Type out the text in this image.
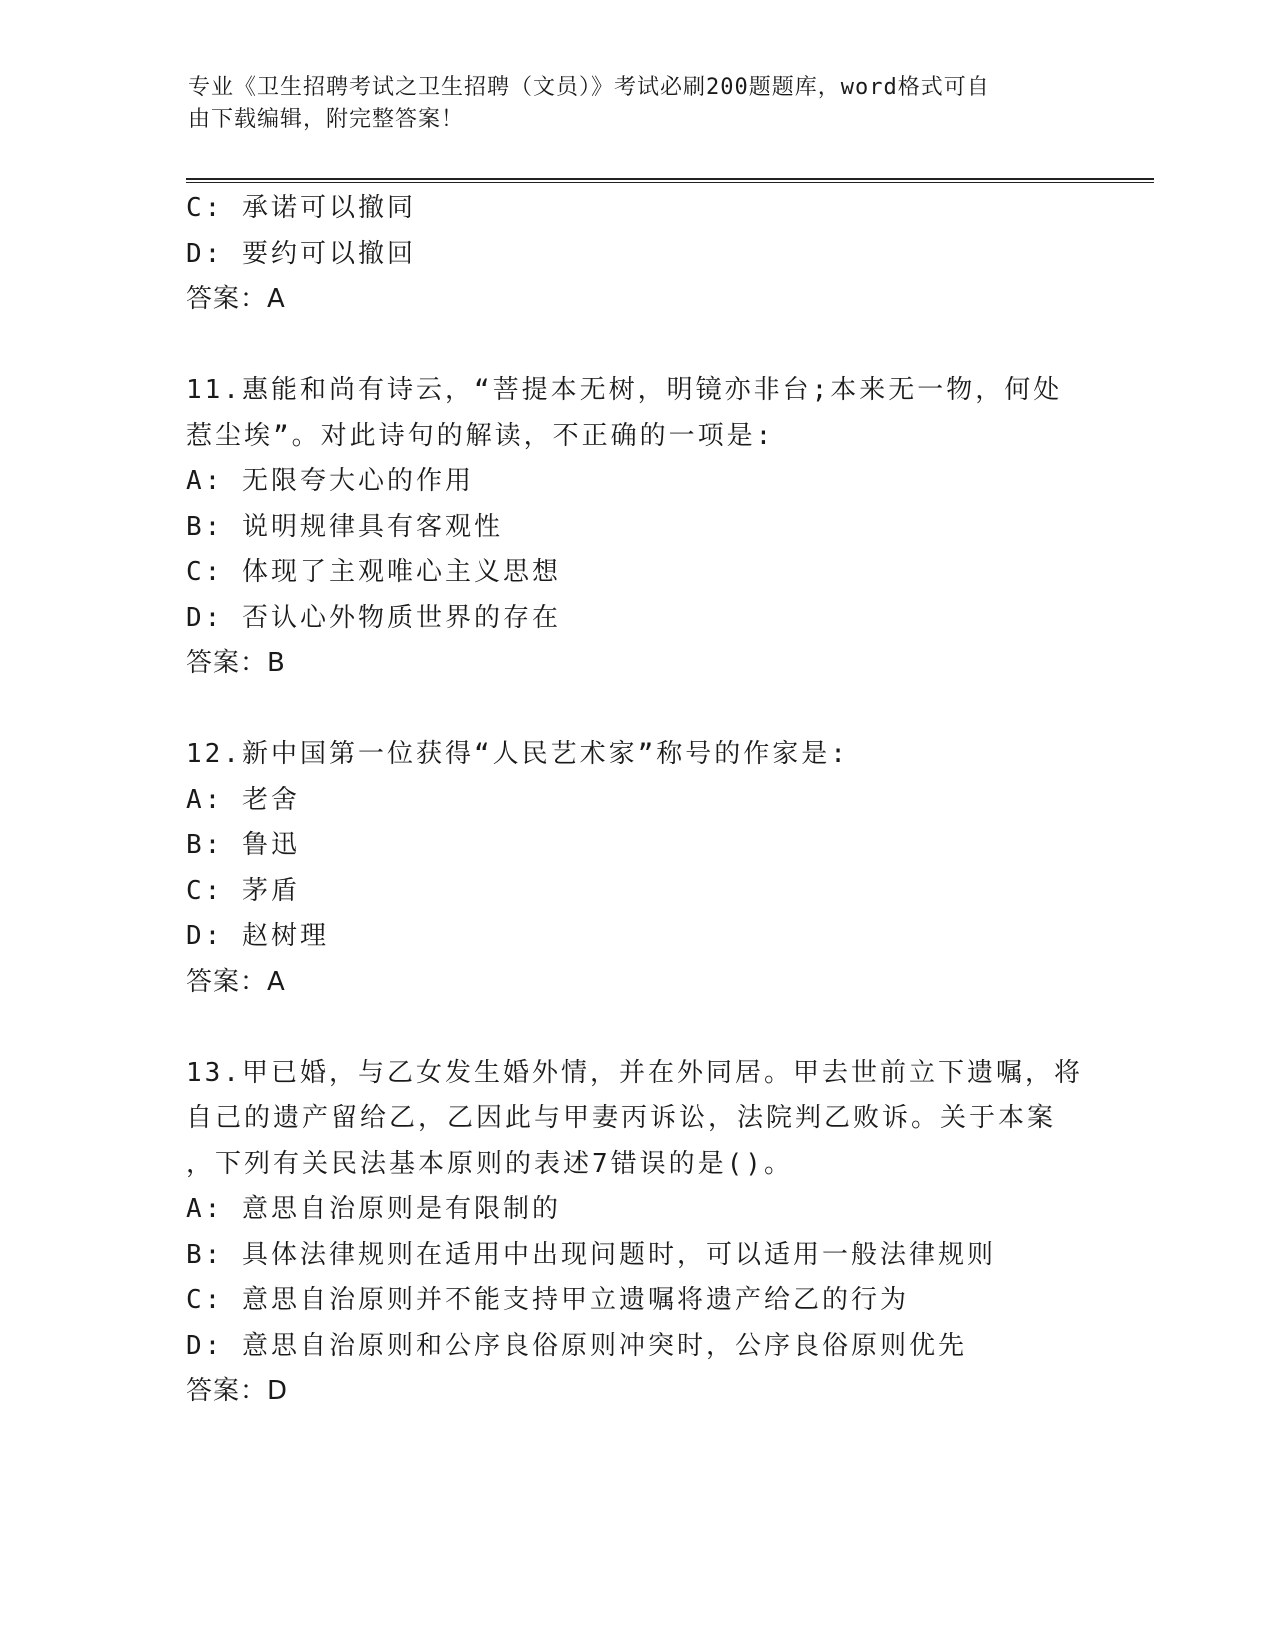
专业《卫生招聘考试之卫生招聘（文员）》考试必刷200题题库，word格式可自
由下载编辑，附完整答案！

C: 承诺可以撤同

D: 要约可以撤回

答案：A

11.惠能和尚有诗云，“菩提本无树，明镜亦非台;本来无一物，何处

惹尘埃”。对此诗句的解读，不正确的一项是:

A: 无限夸大心的作用

B: 说明规律具有客观性

C: 体现了主观唯心主义思想

D: 否认心外物质世界的存在

答案：B

12.新中国第一位获得“人民艺术家”称号的作家是:

A: 老舍

B: 鲁迅

C: 茅盾

D: 赵树理

答案：A

13.甲已婚，与乙女发生婚外情，并在外同居。甲去世前立下遗嘱，将

自己的遗产留给乙，乙因此与甲妻丙诉讼，法院判乙败诉。关于本案

，下列有关民法基本原则的表述7错误的是()。

A: 意思自治原则是有限制的

B: 具体法律规则在适用中出现问题时，可以适用一般法律规则

C: 意思自治原则并不能支持甲立遗嘱将遗产给乙的行为

D: 意思自治原则和公序良俗原则冲突时，公序良俗原则优先

答案：D
